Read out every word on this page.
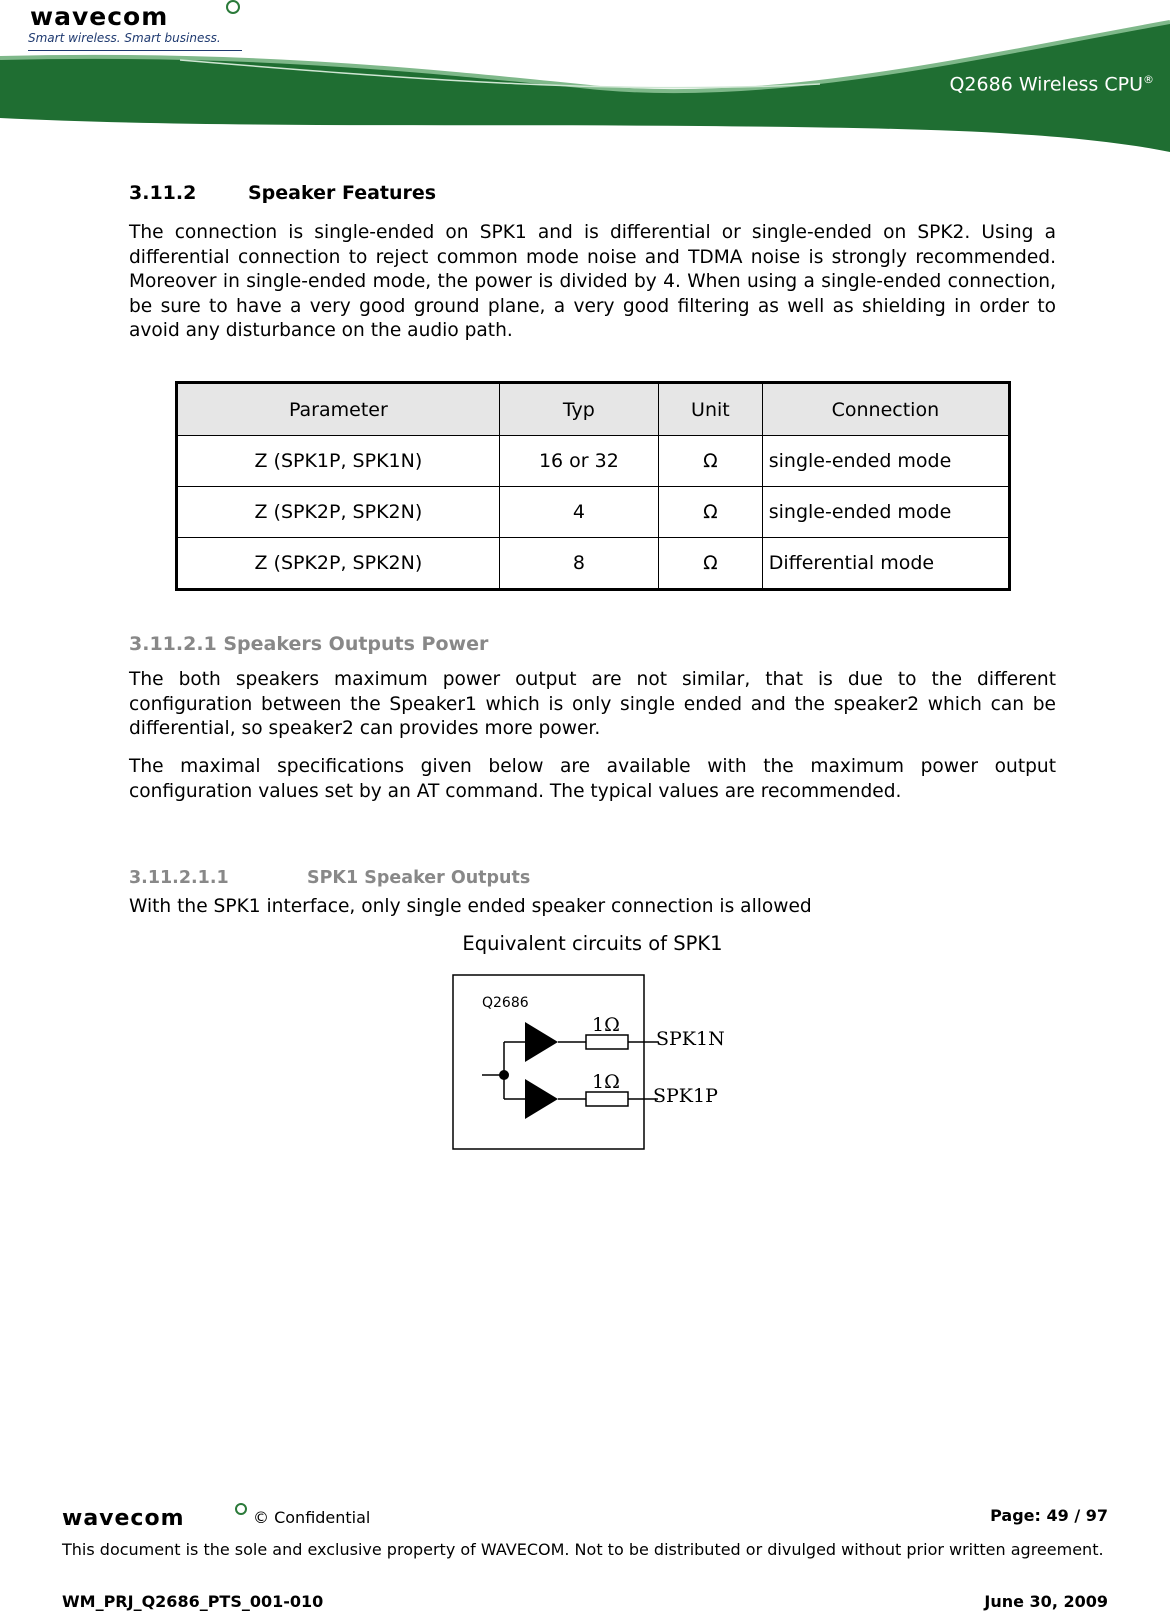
wavecom
Smart wireless. Smart business.
Q2686 Wireless CPU®
3.11.2	Speaker Features

The connection is single-ended on SPK1 and is differential or single-ended on SPK2. Using a differential connection to reject common mode noise and TDMA noise is strongly recommended. Moreover in single-ended mode, the power is divided by 4. When using a single-ended connection, be sure to have a very good ground plane, a very good filtering as well as shielding in order to avoid any disturbance on the audio path.

Parameter	Typ	Unit	Connection
Z (SPK1P, SPK1N)	16 or 32	Ω	single-ended mode
Z (SPK2P, SPK2N)	4	Ω	single-ended mode
Z (SPK2P, SPK2N)	8	Ω	Differential mode
3.11.2.1 Speakers Outputs Power

The both speakers maximum power output are not similar, that is due to the different configuration between the Speaker1 which is only single ended and the speaker2 which can be differential, so speaker2 can provides more power.

The maximal specifications given below are available with the maximum power output configuration values set by an AT command. The typical values are recommended.

3.11.2.1.1	SPK1 Speaker Outputs

With the SPK1 interface, only single ended speaker connection is allowed

Equivalent circuits of SPK1
Q2686
1Ω
SPK1N
1Ω
SPK1P
wavecom	© Confidential	Page: 49 / 97

This document is the sole and exclusive property of WAVECOM. Not to be distributed or divulged without prior written agreement.

WM_PRJ_Q2686_PTS_001-010	June 30, 2009
